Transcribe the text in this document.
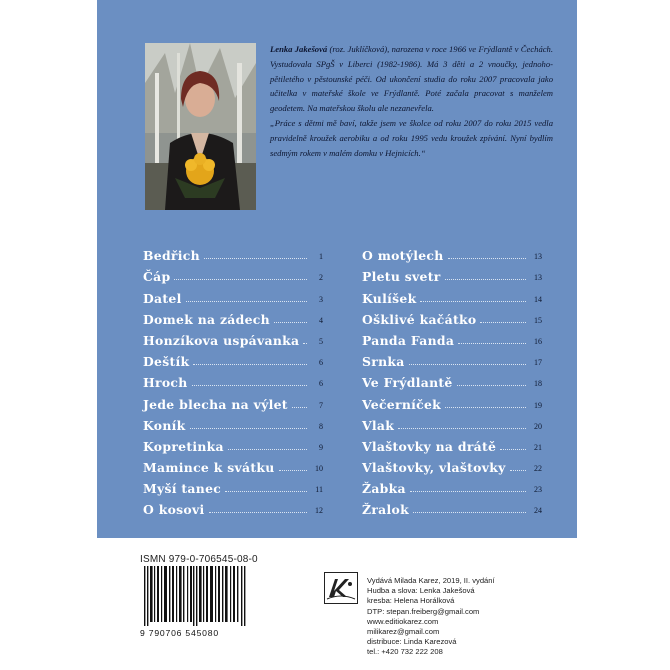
Lenka Jakešová (roz. Juklíčková), narozena v roce 1966 ve Frýdlantě v Čechách. Vystudovala SPgŠ v Liberci (1982-1986). Má 3 děti a 2 vnoučky, jednoho-pětiletého v pěstounské péči. Od ukončení studia do roku 2007 pracovala jako učitelka v mateřské škole ve Frýdlantě. Poté začala pracovat s manželem geodetem. Na mateřskou školu ale nezanevřela.

„Práce s dětmi mě baví, takže jsem ve školce od roku 2007 do roku 2015 vedla pravidelně kroužek aerobiku a od roku 1995 vedu kroužek zpívání. Nyní bydlím sedmým rokem v malém domku v Hejnicích.“

Bedřich	1
Čáp	2
Datel	3
Domek na zádech	4
Honzíkova uspávanka	5
Deštík	6
Hroch	6
Jede blecha na výlet	7
Koník	8
Kopretinka	9
Mamince k svátku	10
Myší tanec	11
O kosovi	12
O motýlech	13
Pletu svetr	13
Kulíšek	14
Ošklivé kačátko	15
Panda Fanda	16
Srnka	17
Ve Frýdlantě	18
Večerníček	19
Vlak	20
Vlaštovky na drátě	21
Vlaštovky, vlaštovky	22
Žabka	23
Žralok	24
ISMN 979-0-706545-08-0
9 790706 545080
Vydává Milada Karez, 2019, II. vydání
Hudba a slova: Lenka Jakešová
kresba: Helena Horálková
DTP: stepan.freiberg@gmail.com
www.editiokarez.com
milikarez@gmail.com
distribuce: Linda Karezová
tel.: +420 732 222 208
